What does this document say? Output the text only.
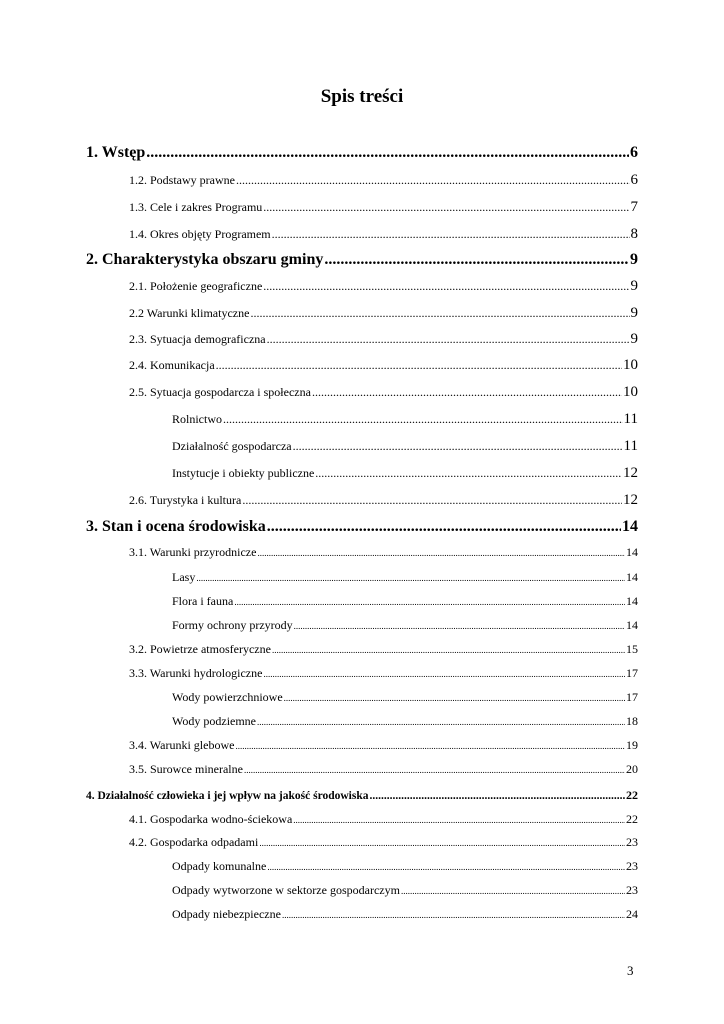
Spis treści
1. Wstęp .....	6
1.2. Podstawy prawne .....	6
1.3. Cele i zakres Programu .....	7
1.4. Okres objęty Programem .....	8
2. Charakterystyka obszaru gminy .....	9
2.1. Położenie geograficzne .....	9
2.2 Warunki klimatyczne .....	9
2.3. Sytuacja demograficzna .....	9
2.4. Komunikacja .....	10
2.5. Sytuacja gospodarcza i społeczna .....	10
Rolnictwo .....	11
Działalność gospodarcza .....	11
Instytucje i obiekty publiczne .....	12
2.6. Turystyka i kultura .....	12
3. Stan i ocena środowiska .....	14
3.1. Warunki przyrodnicze .....	14
Lasy .....	14
Flora i fauna .....	14
Formy ochrony przyrody .....	14
3.2. Powietrze atmosferyczne .....	15
3.3. Warunki hydrologiczne .....	17
Wody powierzchniowe .....	17
Wody podziemne .....	18
3.4. Warunki glebowe .....	19
3.5. Surowce mineralne .....	20
4. Działalność człowieka i jej wpływ na jakość środowiska .....	22
4.1. Gospodarka wodno-ściekowa .....	22
4.2. Gospodarka odpadami .....	23
Odpady komunalne .....	23
Odpady wytworzone w sektorze gospodarczym .....	23
Odpady niebezpieczne .....	24
3
